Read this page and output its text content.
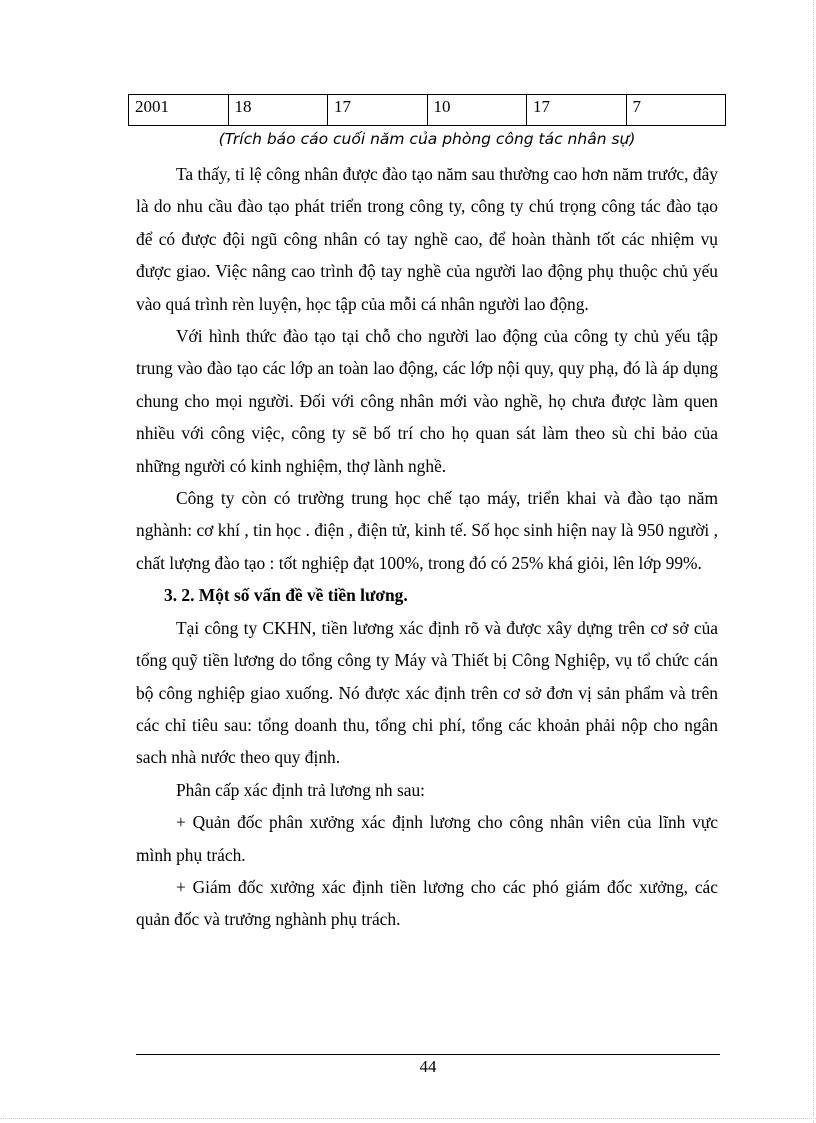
2001	18	17	10	17	7

(Trích báo cáo cuối năm của phòng công tác nhân sự)

Ta thấy, tỉ lệ công nhân được đào tạo năm sau thường cao hơn năm trước, đây là do nhu cầu đào tạo phát triển trong công ty, công ty chú trọng công tác đào tạo để có được đội ngũ công nhân có tay nghề cao, để hoàn thành tốt các nhiệm vụ được giao. Việc nâng cao trình độ tay nghề của người lao động phụ thuộc chủ yếu vào quá trình rèn luyện, học tập của mỗi cá nhân người lao động.

Với hình thức đào tạo tại chỗ cho người lao động của công ty chủ yếu tập trung vào đào tạo các lớp an toàn lao động, các lớp nội quy, quy phạ, đó là áp dụng chung cho mọi người. Đối với công nhân mới vào nghề, họ chưa được làm quen nhiều với công việc, công ty sẽ bố trí cho họ quan sát làm theo sù chỉ bảo của những người có kinh nghiệm, thợ lành nghề.

Công ty còn có trường trung học chế tạo máy, triển khai và đào tạo năm nghành: cơ khí , tin học . điện , điện tử, kinh tế. Số học sinh hiện nay là 950 người , chất lượng đào tạo : tốt nghiệp đạt 100%, trong đó có 25% khá giỏi, lên lớp 99%.

3. 2. Một số vấn đề về tiền lương.

Tại công ty CKHN, tiền lương xác định rõ và được xây dựng trên cơ sở của tổng quỹ tiền lương do tổng công ty Máy và Thiết bị Công Nghiệp, vụ tổ chức cán bộ công nghiệp giao xuống. Nó được xác định trên cơ sở đơn vị sản phẩm và trên các chỉ tiêu sau: tổng doanh thu, tổng chi phí, tổng các khoản phải nộp cho ngân sach nhà nước theo quy định.

Phân cấp xác định trả lương nh sau:

+ Quản đốc phân xưởng xác định lương cho công nhân viên của lĩnh vực mình phụ trách.

+ Giám đốc xưởng xác định tiền lương cho các phó giám đốc xưởng, các quản đốc và trưởng nghành phụ trách.

44
